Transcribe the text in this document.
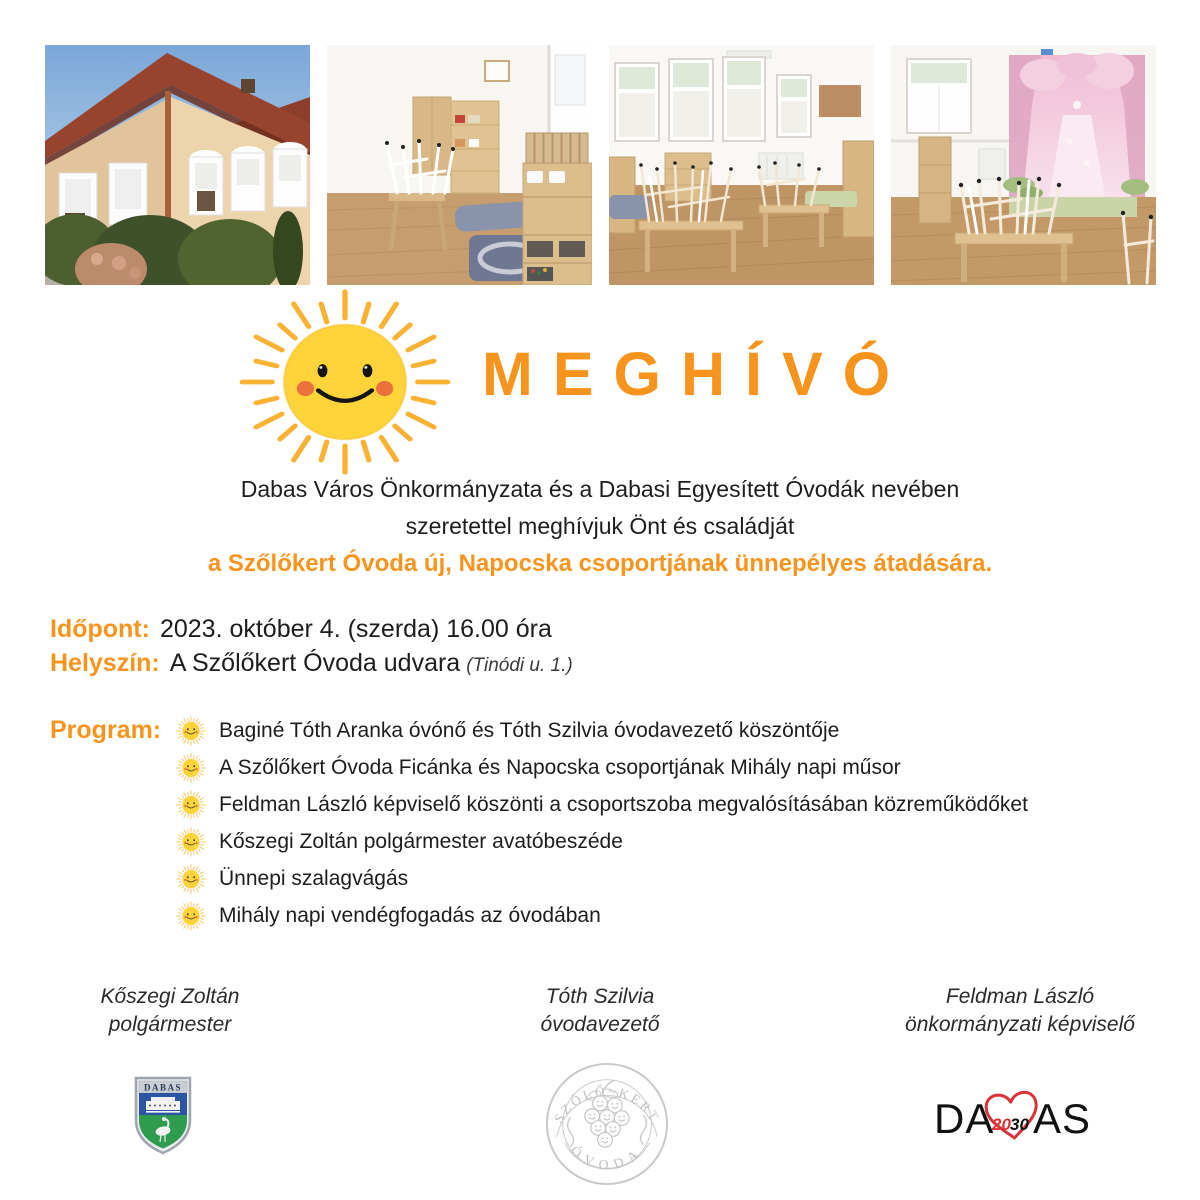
MEGHÍVÓ
Dabas Város Önkormányzata és a Dabasi Egyesített Óvodák nevében
szeretettel meghívjuk Önt és családját
a Szőlőkert Óvoda új, Napocska csoportjának ünnepélyes átadására.
Időpont: 2023. október 4. (szerda) 16.00 óra
Helyszín: A Szőlőkert Óvoda udvara (Tinódi u. 1.)
Program:	Baginé Tóth Aranka óvónő és Tóth Szilvia óvodavezető köszöntője
A Szőlőkert Óvoda Ficánka és Napocska csoportjának Mihály napi műsor
Feldman László képviselő köszönti a csoportszoba megvalósításában közreműködőket
Kőszegi Zoltán polgármester avatóbeszéde
Ünnepi szalagvágás
Mihály napi vendégfogadás az óvodában
Kőszegi Zoltán
polgármester
Tóth Szilvia
óvodavezető
Feldman László
önkormányzati képviselő
DABAS
SZŐLŐ~KERT
ÓVODA
DA
20 30 AS
